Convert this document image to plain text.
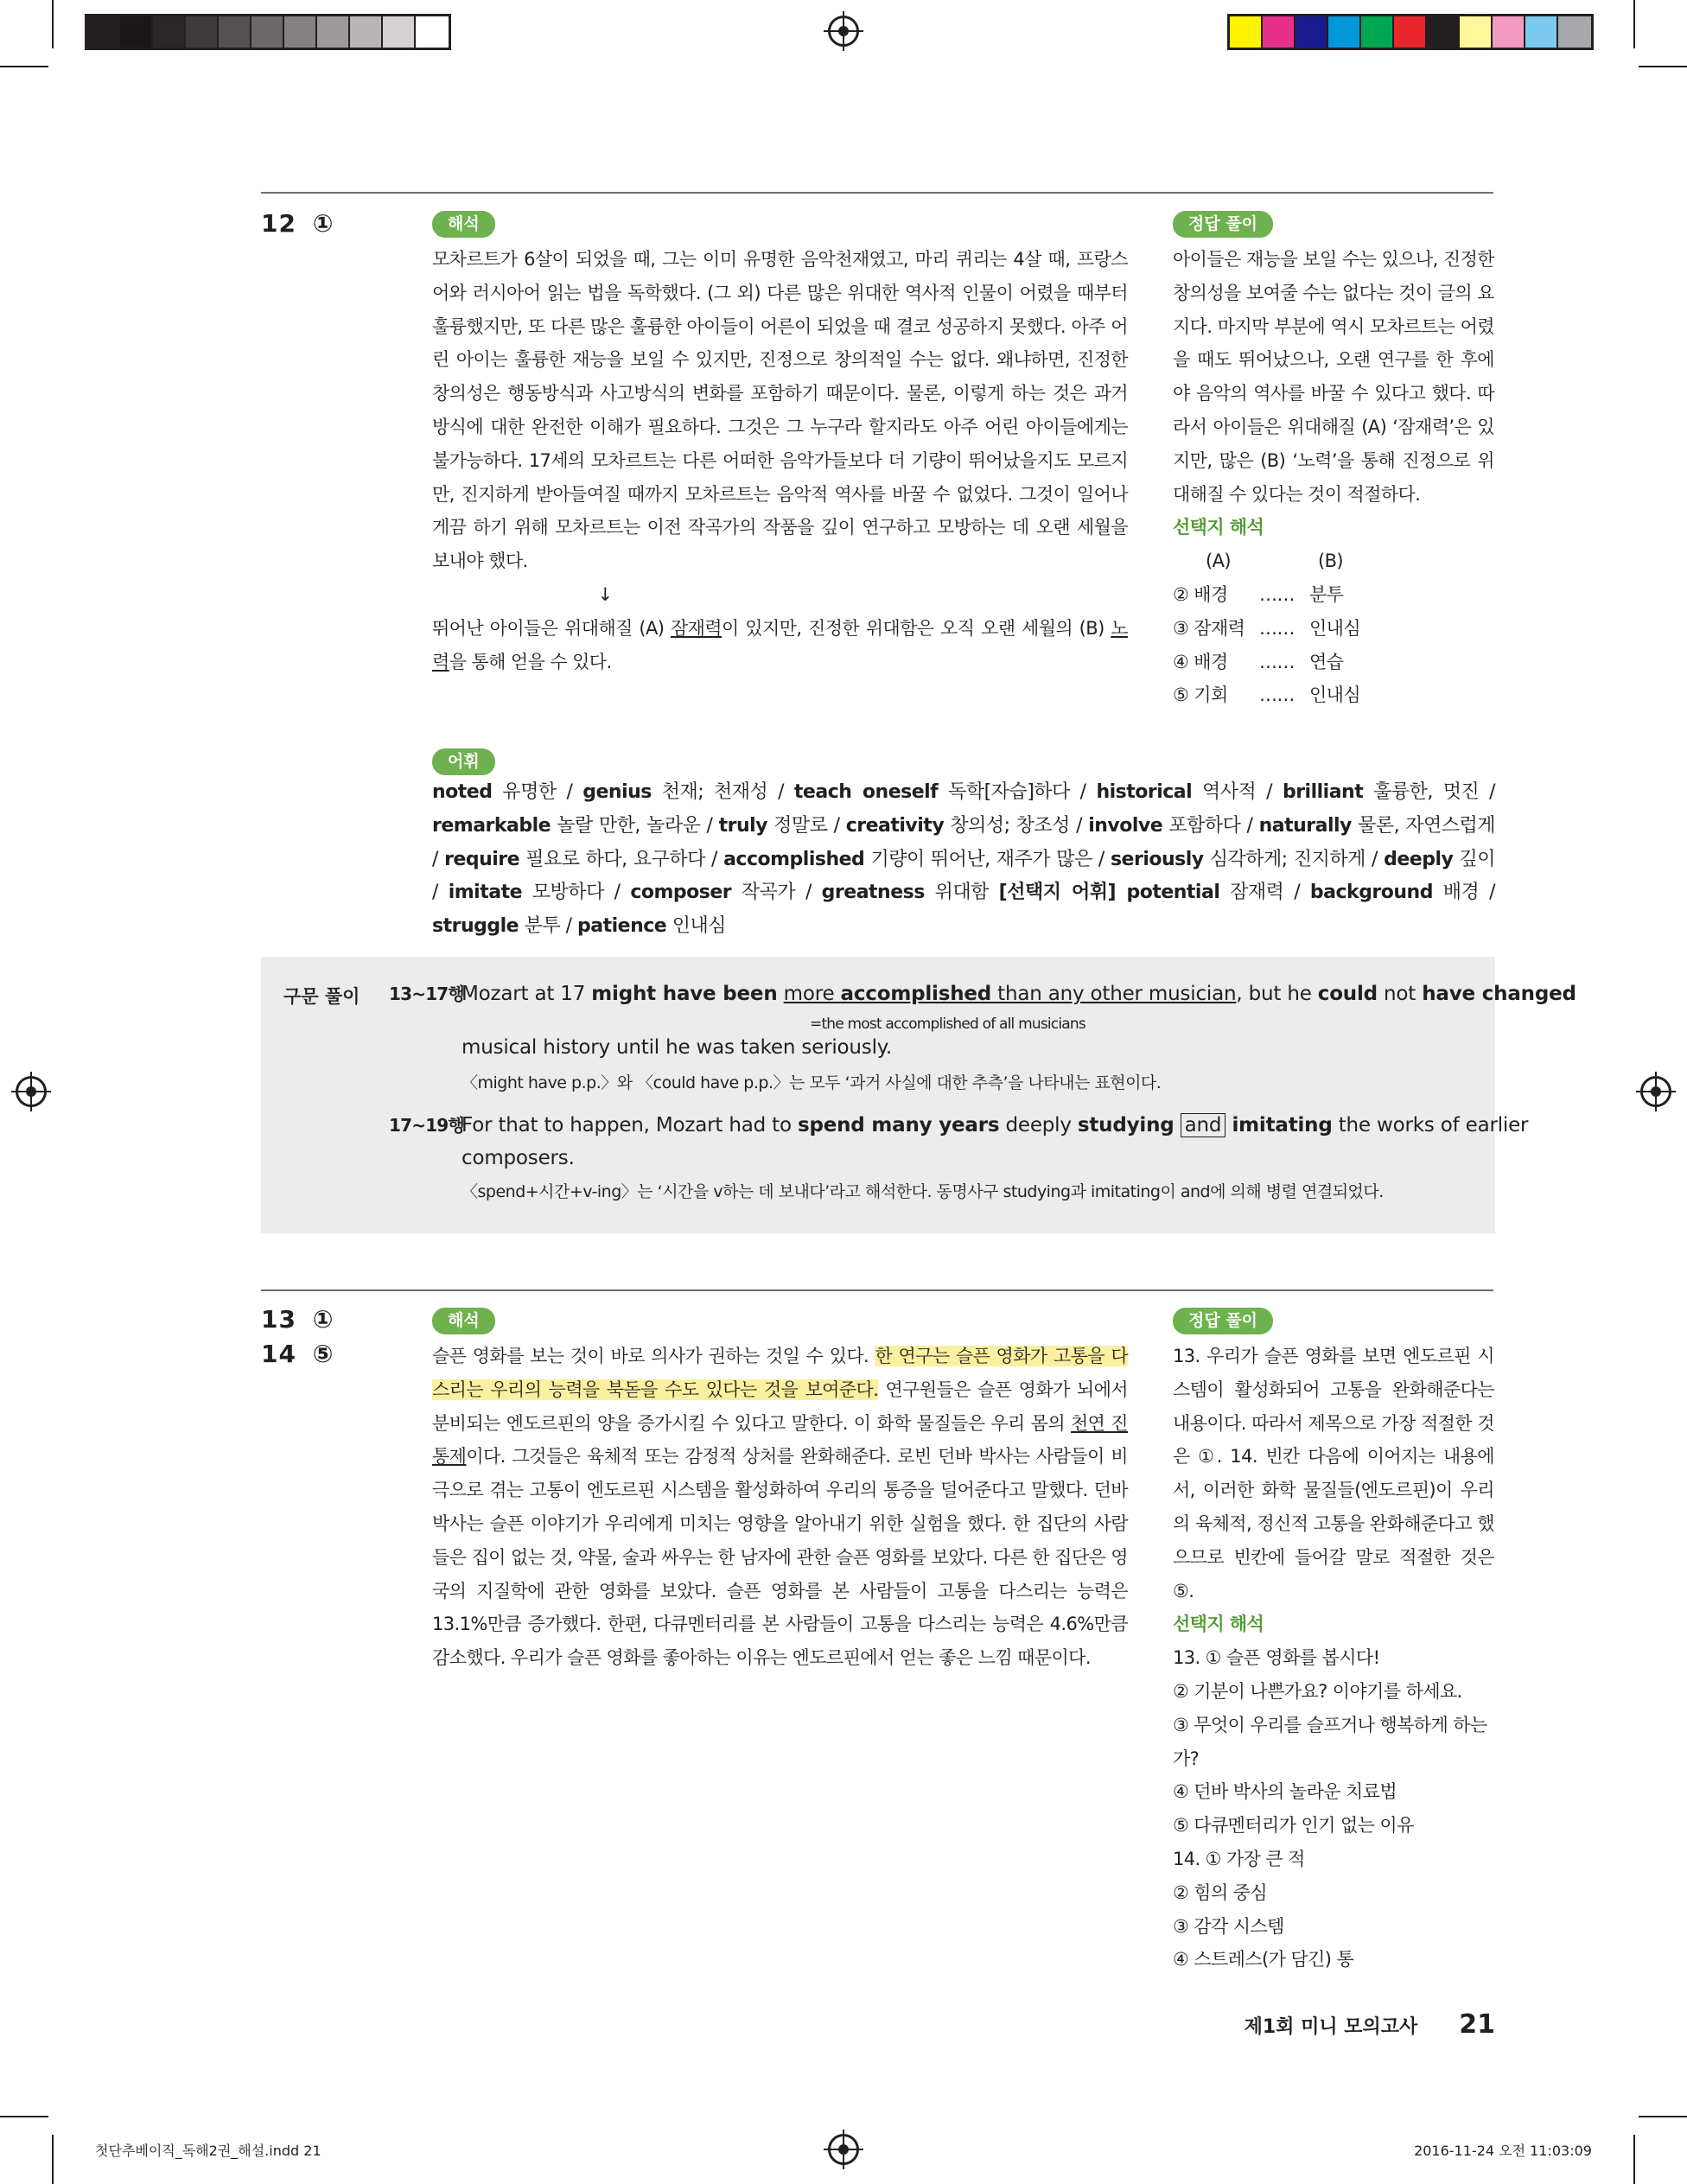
12 ①	해석	정답 풀이

모차르트가 6살이 되었을 때, 그는 이미 유명한 음악천재였고, 마리 퀴리는 4살 때, 프랑스어와 러시아어 읽는 법을 독학했다. (그 외) 다른 많은 위대한 역사적 인물이 어렸을 때부터 훌륭했지만, 또 다른 많은 훌륭한 아이들이 어른이 되었을 때 결코 성공하지 못했다. 아주 어린 아이는 훌륭한 재능을 보일 수 있지만, 진정으로 창의적일 수는 없다. 왜냐하면, 진정한 창의성은 행동방식과 사고방식의 변화를 포함하기 때문이다. 물론, 이렇게 하는 것은 과거 방식에 대한 완전한 이해가 필요하다. 그것은 그 누구라 할지라도 아주 어린 아이들에게는 불가능하다. 17세의 모차르트는 다른 어떠한 음악가들보다 더 기량이 뛰어났을지도 모르지만, 진지하게 받아들여질 때까지 모차르트는 음악적 역사를 바꿀 수 없었다. 그것이 일어나게끔 하기 위해 모차르트는 이전 작곡가의 작품을 깊이 연구하고 모방하는 데 오랜 세월을 보내야 했다.

↓

뛰어난 아이들은 위대해질 (A) 잠재력이 있지만, 진정한 위대함은 오직 오랜 세월의 (B) 노력을 통해 얻을 수 있다.

아이들은 재능을 보일 수는 있으나, 진정한 창의성을 보여줄 수는 없다는 것이 글의 요지다. 마지막 부분에 역시 모차르트는 어렸을 때도 뛰어났으나, 오랜 연구를 한 후에야 음악의 역사를 바꿀 수 있다고 했다. 따라서 아이들은 위대해질 (A) ‘잠재력’은 있지만, 많은 (B) ‘노력’을 통해 진정으로 위대해질 수 있다는 것이 적절하다.

선택지 해석

(A)	(B)
② 배경	…… 분투
③ 잠재력 …… 인내심
④ 배경	…… 연습
⑤ 기회	…… 인내심
어휘
noted 유명한 / genius 천재; 천재성 / teach oneself 독학[자습]하다 / historical 역사적 / brilliant 훌륭한, 멋진 / remarkable 놀랄 만한, 놀라운 / truly 정말로 / creativity 창의성; 창조성 / involve 포함하다 / naturally 물론, 자연스럽게 / require 필요로 하다, 요구하다 / accomplished 기량이 뛰어난, 재주가 많은 / seriously 심각하게; 진지하게 / deeply 깊이 / imitate 모방하다 / composer 작곡가 / greatness 위대함 [선택지 어휘] potential 잠재력 / background 배경 / struggle 분투 / patience 인내심
구문 풀이 13~17행Mozart at 17 might have been more accomplished than any other musician, but he could not have changed
=the most accomplished of all musicians
musical history until he was taken seriously.
〈might have p.p.〉와 〈could have p.p.〉는 모두 ‘과거 사실에 대한 추측’을 나타내는 표현이다.
17~19행For that to happen, Mozart had to spend many years deeply studying and imitating the works of earlier
composers.
〈spend+시간+v-ing〉는 ‘시간을 v하는 데 보내다’라고 해석한다. 동명사구 studying과 imitating이 and에 의해 병렬 연결되었다.
13 ①
14 ⑤
해석	정답 풀이

슬픈 영화를 보는 것이 바로 의사가 권하는 것일 수 있다. 한 연구는 슬픈 영화가 고통을 다스리는 우리의 능력을 북돋을 수도 있다는 것을 보여준다. 연구원들은 슬픈 영화가 뇌에서 분비되는 엔도르핀의 양을 증가시킬 수 있다고 말한다. 이 화학 물질들은 우리 몸의 천연 진통제이다. 그것들은 육체적 또는 감정적 상처를 완화해준다. 로빈 던바 박사는 사람들이 비극으로 겪는 고통이 엔도르핀 시스템을 활성화하여 우리의 통증을 덜어준다고 말했다. 던바 박사는 슬픈 이야기가 우리에게 미치는 영향을 알아내기 위한 실험을 했다. 한 집단의 사람들은 집이 없는 것, 약물, 술과 싸우는 한 남자에 관한 슬픈 영화를 보았다. 다른 한 집단은 영국의 지질학에 관한 영화를 보았다. 슬픈 영화를 본 사람들이 고통을 다스리는 능력은 13.1%만큼 증가했다. 한편, 다큐멘터리를 본 사람들이 고통을 다스리는 능력은 4.6%만큼 감소했다. 우리가 슬픈 영화를 좋아하는 이유는 엔도르핀에서 얻는 좋은 느낌 때문이다.

13. 우리가 슬픈 영화를 보면 엔도르핀 시스템이 활성화되어 고통을 완화해준다는 내용이다. 따라서 제목으로 가장 적절한 것은 ①. 14. 빈칸 다음에 이어지는 내용에서, 이러한 화학 물질들(엔도르핀)이 우리의 육체적, 정신적 고통을 완화해준다고 했으므로 빈칸에 들어갈 말로 적절한 것은 ⑤.

선택지 해석

13. ① 슬픈 영화를 봅시다!

② 기분이 나쁜가요? 이야기를 하세요.

③ 무엇이 우리를 슬프거나 행복하게 하는가?

④ 던바 박사의 놀라운 치료법

⑤ 다큐멘터리가 인기 없는 이유

14. ① 가장 큰 적

② 힘의 중심

③ 감각 시스템

④ 스트레스(가 담긴) 통

제1회 미니 모의고사 21
첫단추베이직_독해2권_해설.indd 21	2016-11-24 오전 11:03:09
